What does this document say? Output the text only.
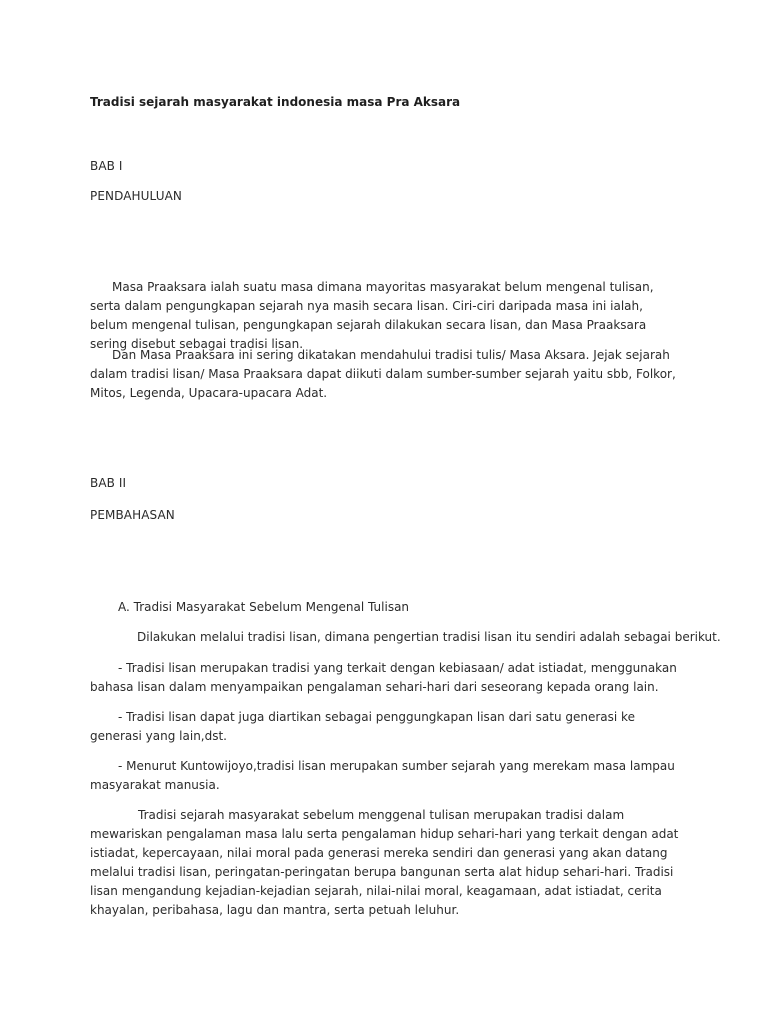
Tradisi sejarah masyarakat indonesia masa Pra Aksara
BAB I
PENDAHULUAN
Masa Praaksara ialah suatu masa dimana mayoritas masyarakat belum mengenal tulisan, serta dalam pengungkapan sejarah nya masih secara lisan. Ciri-ciri daripada masa ini ialah, belum mengenal tulisan, pengungkapan sejarah dilakukan secara lisan, dan Masa Praaksara sering disebut sebagai tradisi lisan.
Dan Masa Praaksara ini sering dikatakan mendahului tradisi tulis/ Masa Aksara. Jejak sejarah dalam tradisi lisan/ Masa Praaksara dapat diikuti dalam sumber-sumber sejarah yaitu sbb, Folkor, Mitos, Legenda, Upacara-upacara Adat.
BAB II
PEMBAHASAN
A. Tradisi Masyarakat Sebelum Mengenal Tulisan
Dilakukan melalui tradisi lisan, dimana pengertian tradisi lisan itu sendiri adalah sebagai berikut.
- Tradisi lisan merupakan tradisi yang terkait dengan kebiasaan/ adat istiadat, menggunakan bahasa lisan dalam menyampaikan pengalaman sehari-hari dari seseorang kepada orang lain.
- Tradisi lisan dapat juga diartikan sebagai penggungkapan lisan dari satu generasi ke generasi yang lain,dst.
- Menurut Kuntowijoyo,tradisi lisan merupakan sumber sejarah yang merekam masa lampau masyarakat manusia.
Tradisi sejarah masyarakat sebelum menggenal tulisan merupakan tradisi dalam mewariskan pengalaman masa lalu serta pengalaman hidup sehari-hari yang terkait dengan adat istiadat, kepercayaan, nilai moral pada generasi mereka sendiri dan generasi yang akan datang melalui tradisi lisan, peringatan-peringatan berupa bangunan serta alat hidup sehari-hari. Tradisi lisan mengandung kejadian-kejadian sejarah, nilai-nilai moral, keagamaan, adat istiadat, cerita khayalan, peribahasa, lagu dan mantra, serta petuah leluhur.
